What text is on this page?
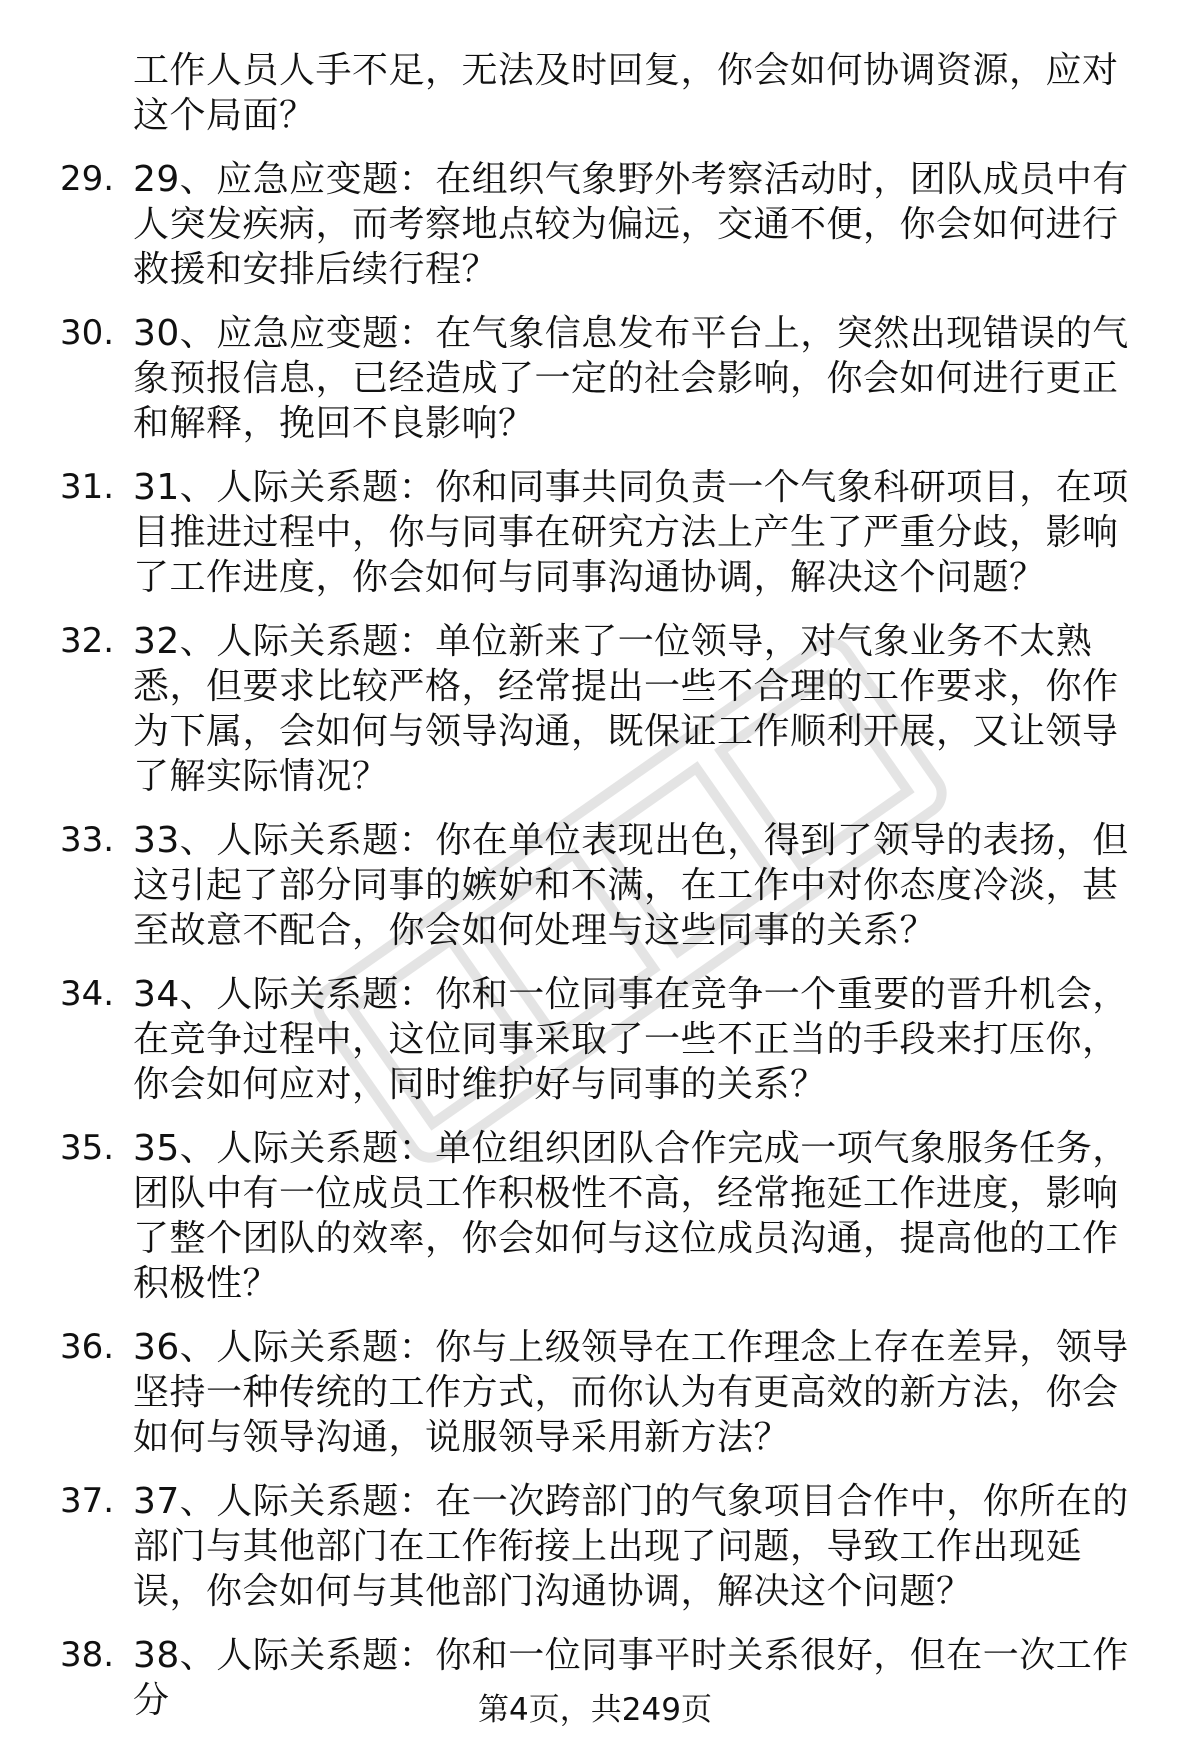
工作人员人手不足，无法及时回复，你会如何协调资源，应对这个局面？

29. 29、应急应变题：在组织气象野外考察活动时，团队成员中有人突发疾病，而考察地点较为偏远，交通不便，你会如何进行救援和安排后续行程？
30. 30、应急应变题：在气象信息发布平台上，突然出现错误的气象预报信息，已经造成了一定的社会影响，你会如何进行更正和解释，挽回不良影响？
31. 31、人际关系题：你和同事共同负责一个气象科研项目，在项目推进过程中，你与同事在研究方法上产生了严重分歧，影响了工作进度，你会如何与同事沟通协调，解决这个问题？
32. 32、人际关系题：单位新来了一位领导，对气象业务不太熟悉，但要求比较严格，经常提出一些不合理的工作要求，你作为下属，会如何与领导沟通，既保证工作顺利开展，又让领导了解实际情况？
33. 33、人际关系题：你在单位表现出色，得到了领导的表扬，但这引起了部分同事的嫉妒和不满，在工作中对你态度冷淡，甚至故意不配合，你会如何处理与这些同事的关系？
34. 34、人际关系题：你和一位同事在竞争一个重要的晋升机会，在竞争过程中，这位同事采取了一些不正当的手段来打压你，你会如何应对，同时维护好与同事的关系？
35. 35、人际关系题：单位组织团队合作完成一项气象服务任务，团队中有一位成员工作积极性不高，经常拖延工作进度，影响了整个团队的效率，你会如何与这位成员沟通，提高他的工作积极性？
36. 36、人际关系题：你与上级领导在工作理念上存在差异，领导坚持一种传统的工作方式，而你认为有更高效的新方法，你会如何与领导沟通，说服领导采用新方法？
37. 37、人际关系题：在一次跨部门的气象项目合作中，你所在的部门与其他部门在工作衔接上出现了问题，导致工作出现延误，你会如何与其他部门沟通协调，解决这个问题？
38. 38、人际关系题：你和一位同事平时关系很好，但在一次工作分	第4页，共249页
